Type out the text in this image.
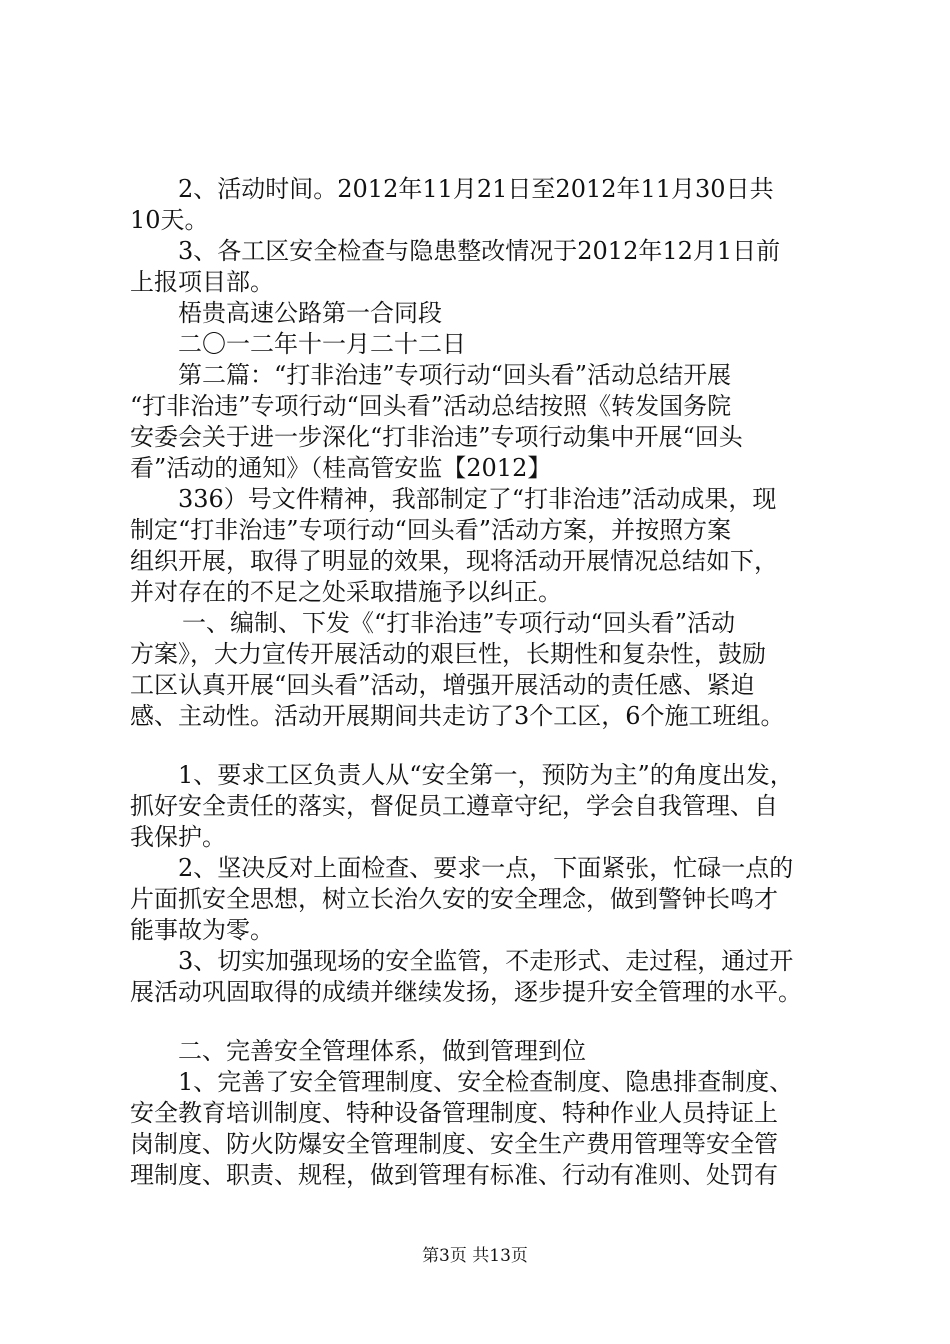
2、活动时间。2012年11月21日至2012年11月30日共
10天。
3、各工区安全检查与隐患整改情况于2012年12月1日前
上报项目部。
梧贵高速公路第一合同段
二〇一二年十一月二十二日
第二篇：“打非治违”专项行动“回头看”活动总结开展
“打非治违”专项行动“回头看”活动总结按照《转发国务院
安委会关于进一步深化“打非治违”专项行动集中开展“回头
看”活动的通知》（桂高管安监【2012】
336）号文件精神，我部制定了“打非治违”活动成果，现
制定“打非治违”专项行动“回头看”活动方案，并按照方案
组织开展，取得了明显的效果，现将活动开展情况总结如下，
并对存在的不足之处采取措施予以纠正。
一、编制、下发《“打非治违”专项行动“回头看”活动
方案》，大力宣传开展活动的艰巨性，长期性和复杂性，鼓励
工区认真开展“回头看”活动，增强开展活动的责任感、紧迫
感、主动性。活动开展期间共走访了3个工区，6个施工班组。
1、要求工区负责人从“安全第一，预防为主”的角度出发，
抓好安全责任的落实，督促员工遵章守纪，学会自我管理、自
我保护。
2、坚决反对上面检查、要求一点，下面紧张，忙碌一点的
片面抓安全思想，树立长治久安的安全理念，做到警钟长鸣才
能事故为零。
3、切实加强现场的安全监管，不走形式、走过程，通过开
展活动巩固取得的成绩并继续发扬，逐步提升安全管理的水平。
二、完善安全管理体系，做到管理到位
1、完善了安全管理制度、安全检查制度、隐患排查制度、
安全教育培训制度、特种设备管理制度、特种作业人员持证上
岗制度、防火防爆安全管理制度、安全生产费用管理等安全管
理制度、职责、规程，做到管理有标准、行动有准则、处罚有
第3页 共13页
